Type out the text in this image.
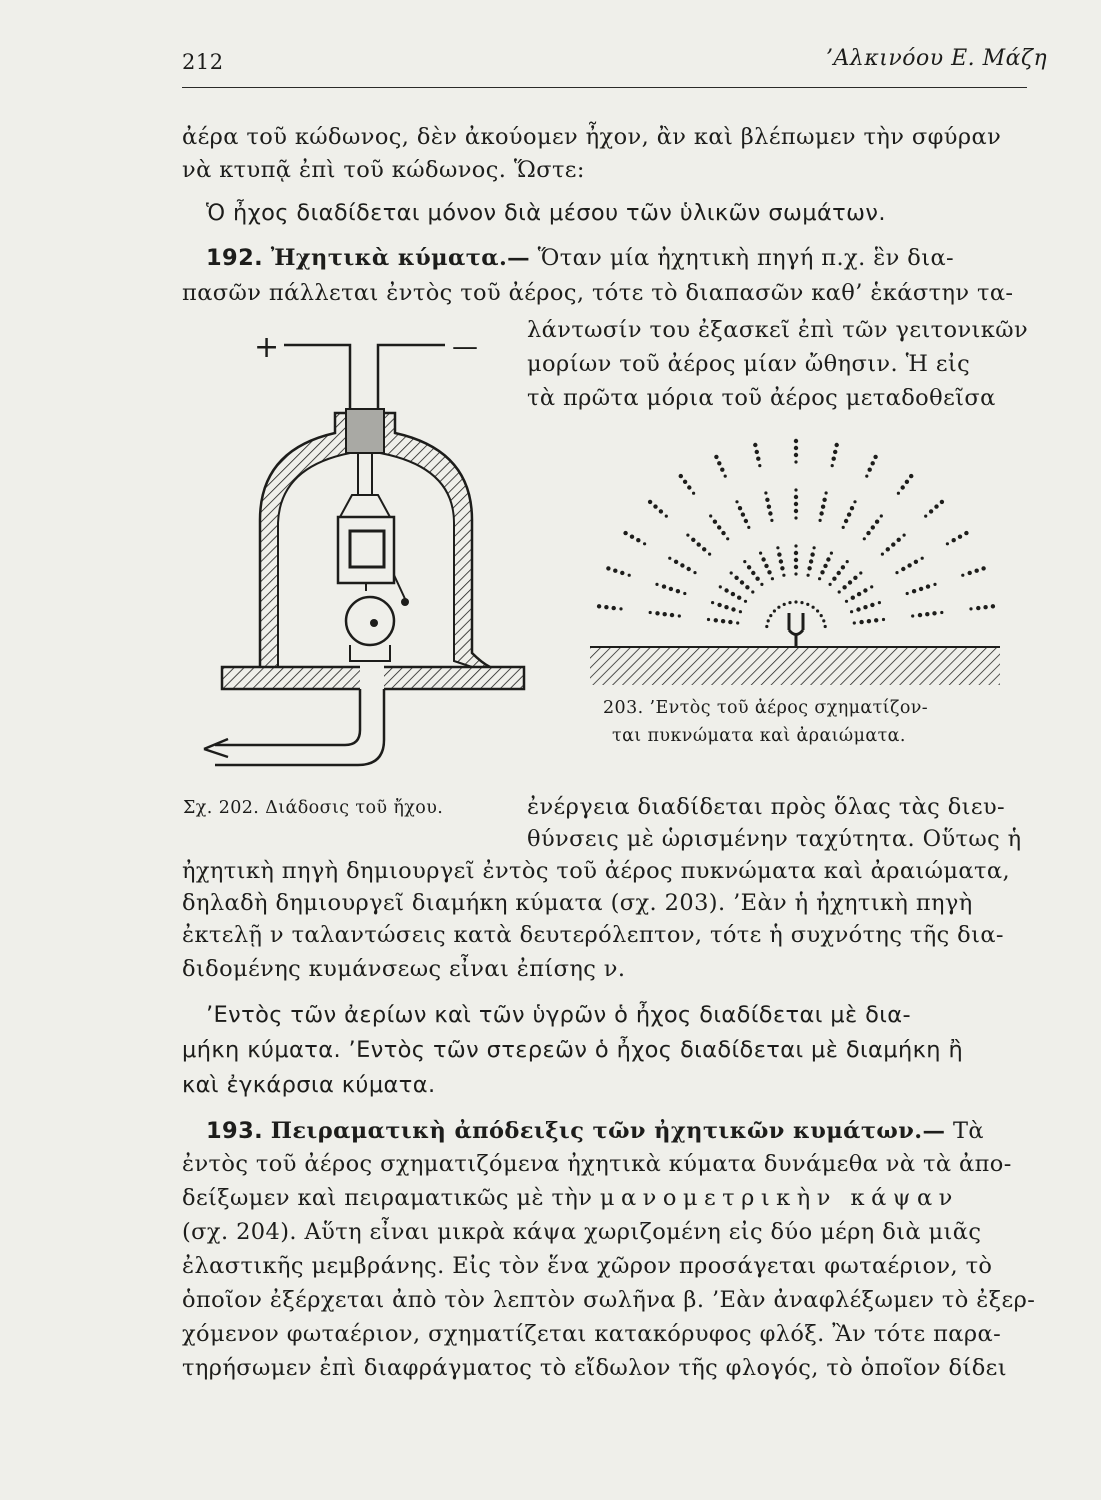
212	’Αλκινόου Ε. Μάζη
ἀέρα τοῦ κώδωνος, δὲν ἀκούομεν ἦχον, ἂν καὶ βλέπωμεν τὴν σφύραν
νὰ κτυπᾷ ἐπὶ τοῦ κώδωνος. Ὥστε:
Ὁ ἦχος διαδίδεται μόνον διὰ μέσου τῶν ὑλικῶν σωμάτων.
192. Ἠχητικὰ κύματα.— Ὅταν μία ἠχητικὴ πηγή π.χ. ἓν δια-
πασῶν πάλλεται ἐντὸς τοῦ ἀέρος, τότε τὸ διαπασῶν καθ’ ἑκάστην τα-
λάντωσίν του ἐξασκεῖ ἐπὶ τῶν γειτονικῶν
μορίων τοῦ ἀέρος μίαν ὤθησιν. Ἡ εἰς
τὰ πρῶτα μόρια τοῦ ἀέρος μεταδοθεῖσα
+	—
203. ’Εντὸς τοῦ ἀέρος σχηματίζον-
ται πυκνώματα καὶ ἀραιώματα.
Σχ. 202. Διάδοσις τοῦ ἤχου.	ἐνέργεια διαδίδεται πρὸς ὅλας τὰς διευ-
θύνσεις μὲ ὡρισμένην ταχύτητα. Οὕτως ἡ
ἠχητικὴ πηγὴ δημιουργεῖ ἐντὸς τοῦ ἀέρος πυκνώματα καὶ ἀραιώματα,
δηλαδὴ δημιουργεῖ διαμήκη κύματα (σχ. 203). ’Εὰν ἡ ἠχητικὴ πηγὴ
ἐκτελῇ ν ταλαντώσεις κατὰ δευτερόλεπτον, τότε ἡ συχνότης τῆς δια-
διδομένης κυμάνσεως εἶναι ἐπίσης ν.
’Εντὸς τῶν ἀερίων καὶ τῶν ὑγρῶν ὁ ἦχος διαδίδεται μὲ δια-
μήκη κύματα. ’Εντὸς τῶν στερεῶν ὁ ἦχος διαδίδεται μὲ διαμήκη ἢ
καὶ ἐγκάρσια κύματα.
193. Πειραματικὴ ἀπόδειξις τῶν ἠχητικῶν κυμάτων.— Τὰ
ἐντὸς τοῦ ἀέρος σχηματιζόμενα ἠχητικὰ κύματα δυνάμεθα νὰ τὰ ἀπο-
δείξωμεν καὶ πειραματικῶς μὲ τὴν μανομετρικὴν κάψαν
(σχ. 204). Αὕτη εἶναι μικρὰ κάψα χωριζομένη εἰς δύο μέρη διὰ μιᾶς
ἐλαστικῆς μεμβράνης. Εἰς τὸν ἕνα χῶρον προσάγεται φωταέριον, τὸ
ὁποῖον ἐξέρχεται ἀπὸ τὸν λεπτὸν σωλῆνα β. ’Εὰν ἀναφλέξωμεν τὸ ἐξερ-
χόμενον φωταέριον, σχηματίζεται κατακόρυφος φλόξ. Ἂν τότε παρα-
τηρήσωμεν ἐπὶ διαφράγματος τὸ εἴδωλον τῆς φλογός, τὸ ὁποῖον δίδει
